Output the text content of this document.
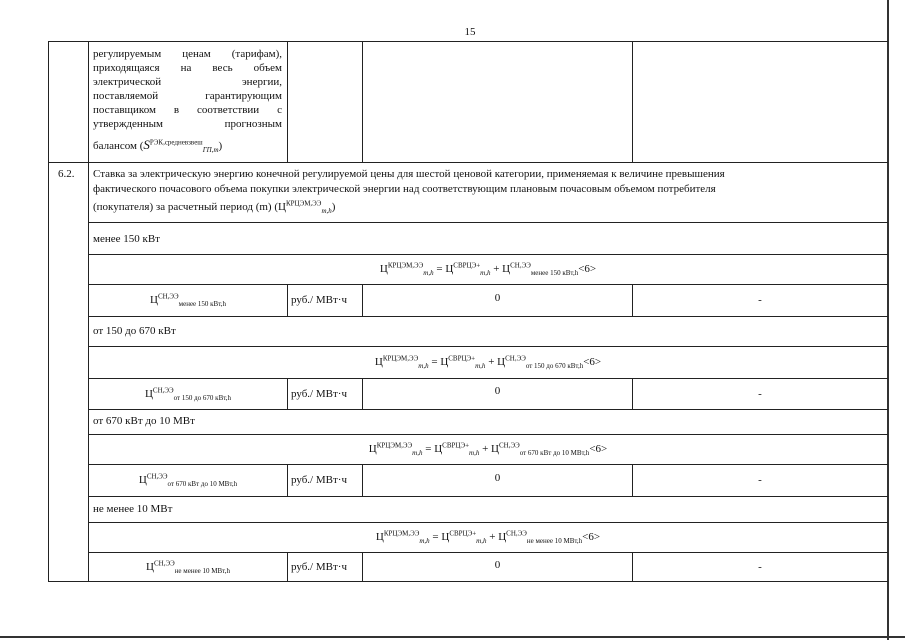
15
регулируемым ценам (тарифам),
приходящаяся на весь объем
электрической энергии,
поставляемой гарантирующим
поставщиком в соответствии с
утвержденным прогнозным
балансом $(S^{РЭК,средневзвеш}_{ГП,m})$
6.2. Ставка за электрическую энергию конечной регулируемой цены для шестой ценовой категории, применяемая к величине превышения
фактического почасового объема покупки электрической энергии над соответствующим плановым почасовым объемом потребителя
(покупателя) за расчетный период (m) $(Ц^{КРЦЭМ,ЭЭ}_{m,h})$
менее 150 кВт
$Ц^{КРЦЭМ,ЭЭ}_{m,h} = Ц^{СВРЦЭ+}_{m,h} + Ц^{СН,ЭЭ}_{менее 150 кВт,h}<6>$
$Ц^{СН,ЭЭ}_{менее 150 кВт,h}$	руб./ МВт·ч	0	-
от 150 до 670 кВт
$Ц^{КРЦЭМ,ЭЭ}_{m,h} = Ц^{СВРЦЭ+}_{m,h} + Ц^{СН,ЭЭ}_{от 150 до 670 кВт,h}<6>$
$Ц^{СН,ЭЭ}_{от 150 до 670 кВт,h}$	руб./ МВт·ч	0	-
от 670 кВт до 10 МВт
$Ц^{КРЦЭМ,ЭЭ}_{m,h} = Ц^{СВРЦЭ+}_{m,h} + Ц^{СН,ЭЭ}_{от 670 кВт до 10 МВт,h}<6>$
$Ц^{СН,ЭЭ}_{от 670 кВт до 10 МВт,h}$	руб./ МВт·ч	0	-
не менее 10 МВт
$Ц^{КРЦЭМ,ЭЭ}_{m,h} = Ц^{СВРЦЭ+}_{m,h} + Ц^{СН,ЭЭ}_{не менее 10 МВт,h}<6>$
$Ц^{СН,ЭЭ}_{не менее 10 МВт,h}$	руб./ МВт·ч	0	-
